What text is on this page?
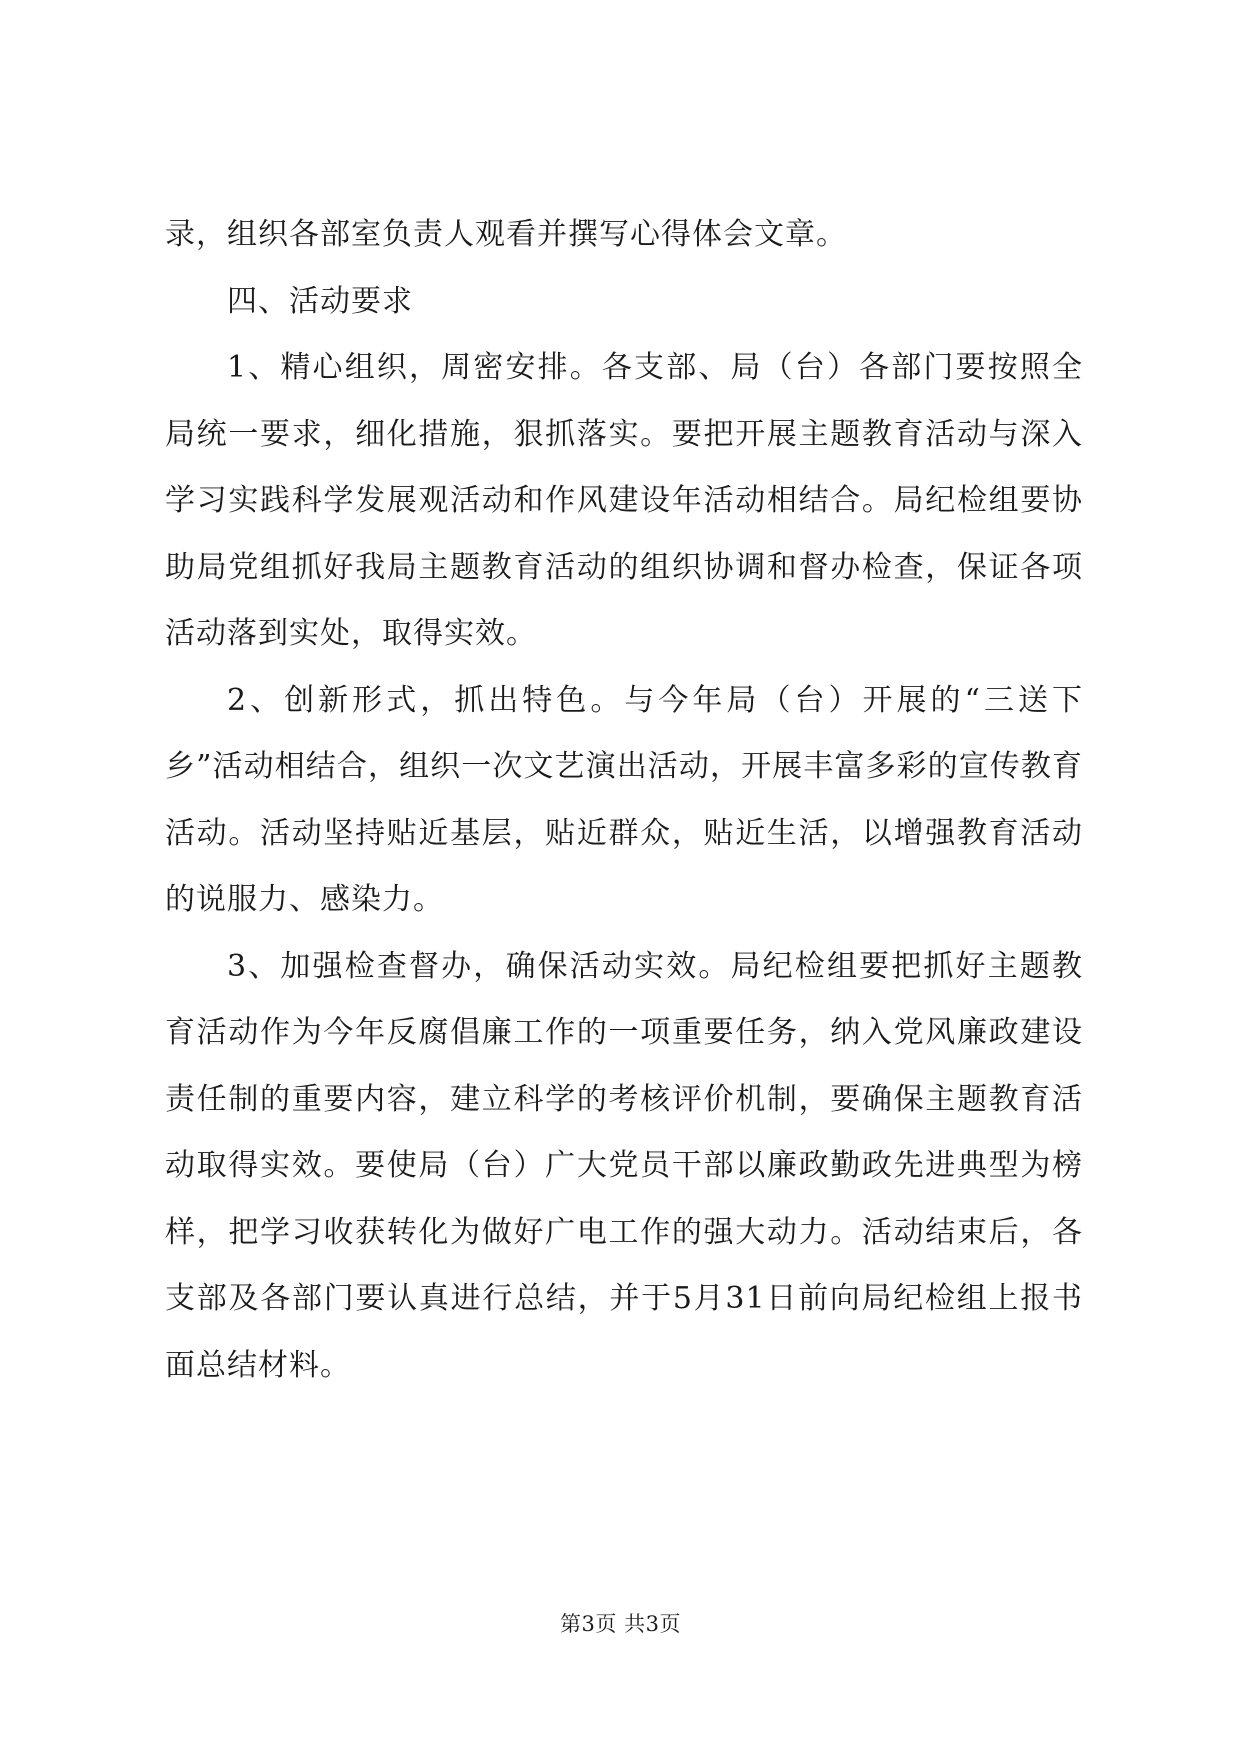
录，组织各部室负责人观看并撰写心得体会文章。

四、活动要求

1、精心组织，周密安排。各支部、局（台）各部门要按照全局统一要求，细化措施，狠抓落实。要把开展主题教育活动与深入学习实践科学发展观活动和作风建设年活动相结合。局纪检组要协助局党组抓好我局主题教育活动的组织协调和督办检查，保证各项活动落到实处，取得实效。

2、创新形式，抓出特色。与今年局（台）开展的“三送下乡”活动相结合，组织一次文艺演出活动，开展丰富多彩的宣传教育活动。活动坚持贴近基层，贴近群众，贴近生活，以增强教育活动的说服力、感染力。

3、加强检查督办，确保活动实效。局纪检组要把抓好主题教育活动作为今年反腐倡廉工作的一项重要任务，纳入党风廉政建设责任制的重要内容，建立科学的考核评价机制，要确保主题教育活动取得实效。要使局（台）广大党员干部以廉政勤政先进典型为榜样，把学习收获转化为做好广电工作的强大动力。活动结束后，各支部及各部门要认真进行总结，并于5月31日前向局纪检组上报书面总结材料。

第3页 共3页
